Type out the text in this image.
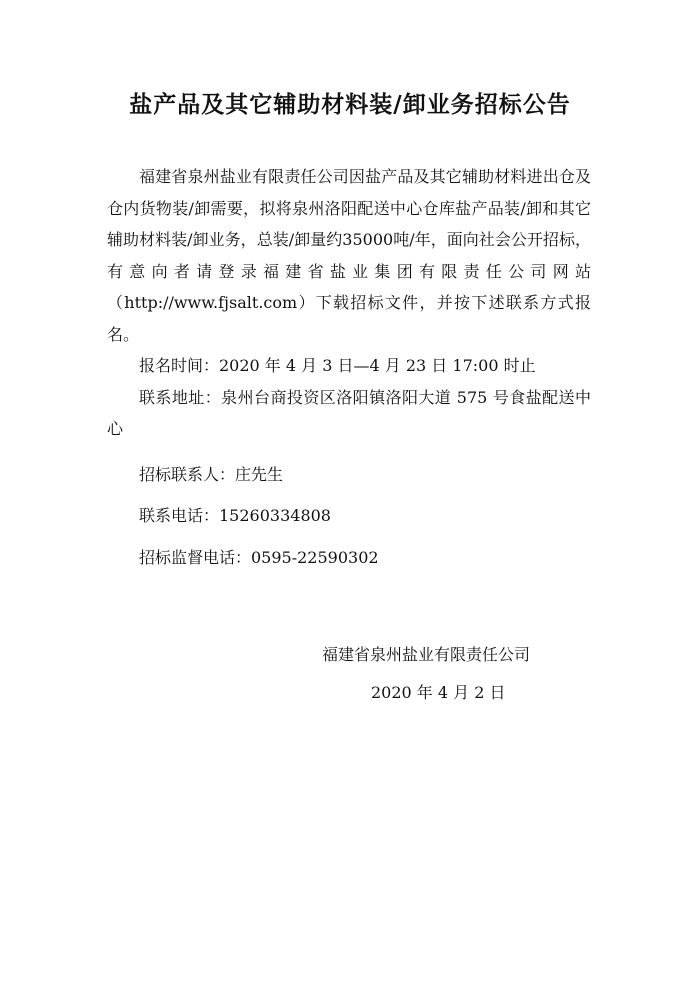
盐产品及其它辅助材料装/卸业务招标公告

福建省泉州盐业有限责任公司因盐产品及其它辅助材料进出仓及仓内货物装/卸需要，拟将泉州洛阳配送中心仓库盐产品装/卸和其它辅助材料装/卸业务，总装/卸量约35000吨/年，面向社会公开招标，有意向者请登录福建省盐业集团有限责任公司网站（http://www.fjsalt.com）下载招标文件，并按下述联系方式报名。

报名时间：2020 年 4 月 3 日—4 月 23 日 17:00 时止

联系地址：泉州台商投资区洛阳镇洛阳大道 575 号食盐配送中心

招标联系人：庄先生

联系电话：15260334808

招标监督电话：0595-22590302

福建省泉州盐业有限责任公司
2020 年 4 月 2 日
